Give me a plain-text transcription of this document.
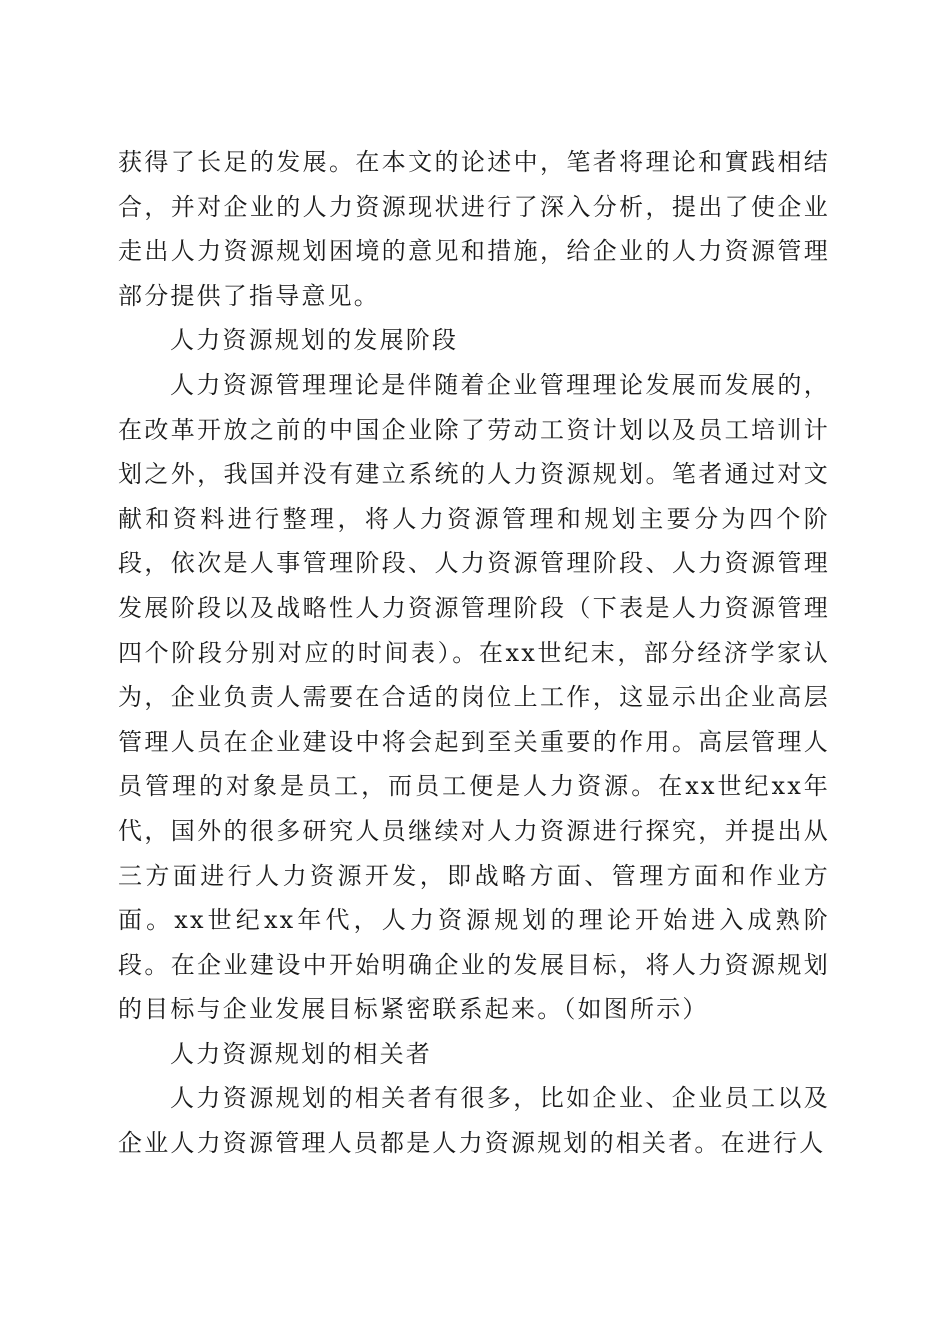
获得了长足的发展。在本文的论述中，笔者将理论和實践相结合，并对企业的人力资源现状进行了深入分析，提出了使企业走出人力资源规划困境的意见和措施，给企业的人力资源管理部分提供了指导意见。

人力资源规划的发展阶段

人力资源管理理论是伴随着企业管理理论发展而发展的，在改革开放之前的中国企业除了劳动工资计划以及员工培训计划之外，我国并没有建立系统的人力资源规划。笔者通过对文献和资料进行整理，将人力资源管理和规划主要分为四个阶段，依次是人事管理阶段、人力资源管理阶段、人力资源管理发展阶段以及战略性人力资源管理阶段（下表是人力资源管理四个阶段分别对应的时间表）。在xx世纪末，部分经济学家认为，企业负责人需要在合适的岗位上工作，这显示出企业高层管理人员在企业建设中将会起到至关重要的作用。高层管理人员管理的对象是员工，而员工便是人力资源。在xx世纪xx年代，国外的很多研究人员继续对人力资源进行探究，并提出从三方面进行人力资源开发，即战略方面、管理方面和作业方面。xx世纪xx年代，人力资源规划的理论开始进入成熟阶段。在企业建设中开始明确企业的发展目标，将人力资源规划的目标与企业发展目标紧密联系起来。（如图所示）

人力资源规划的相关者

人力资源规划的相关者有很多，比如企业、企业员工以及企业人力资源管理人员都是人力资源规划的相关者。在进行人
